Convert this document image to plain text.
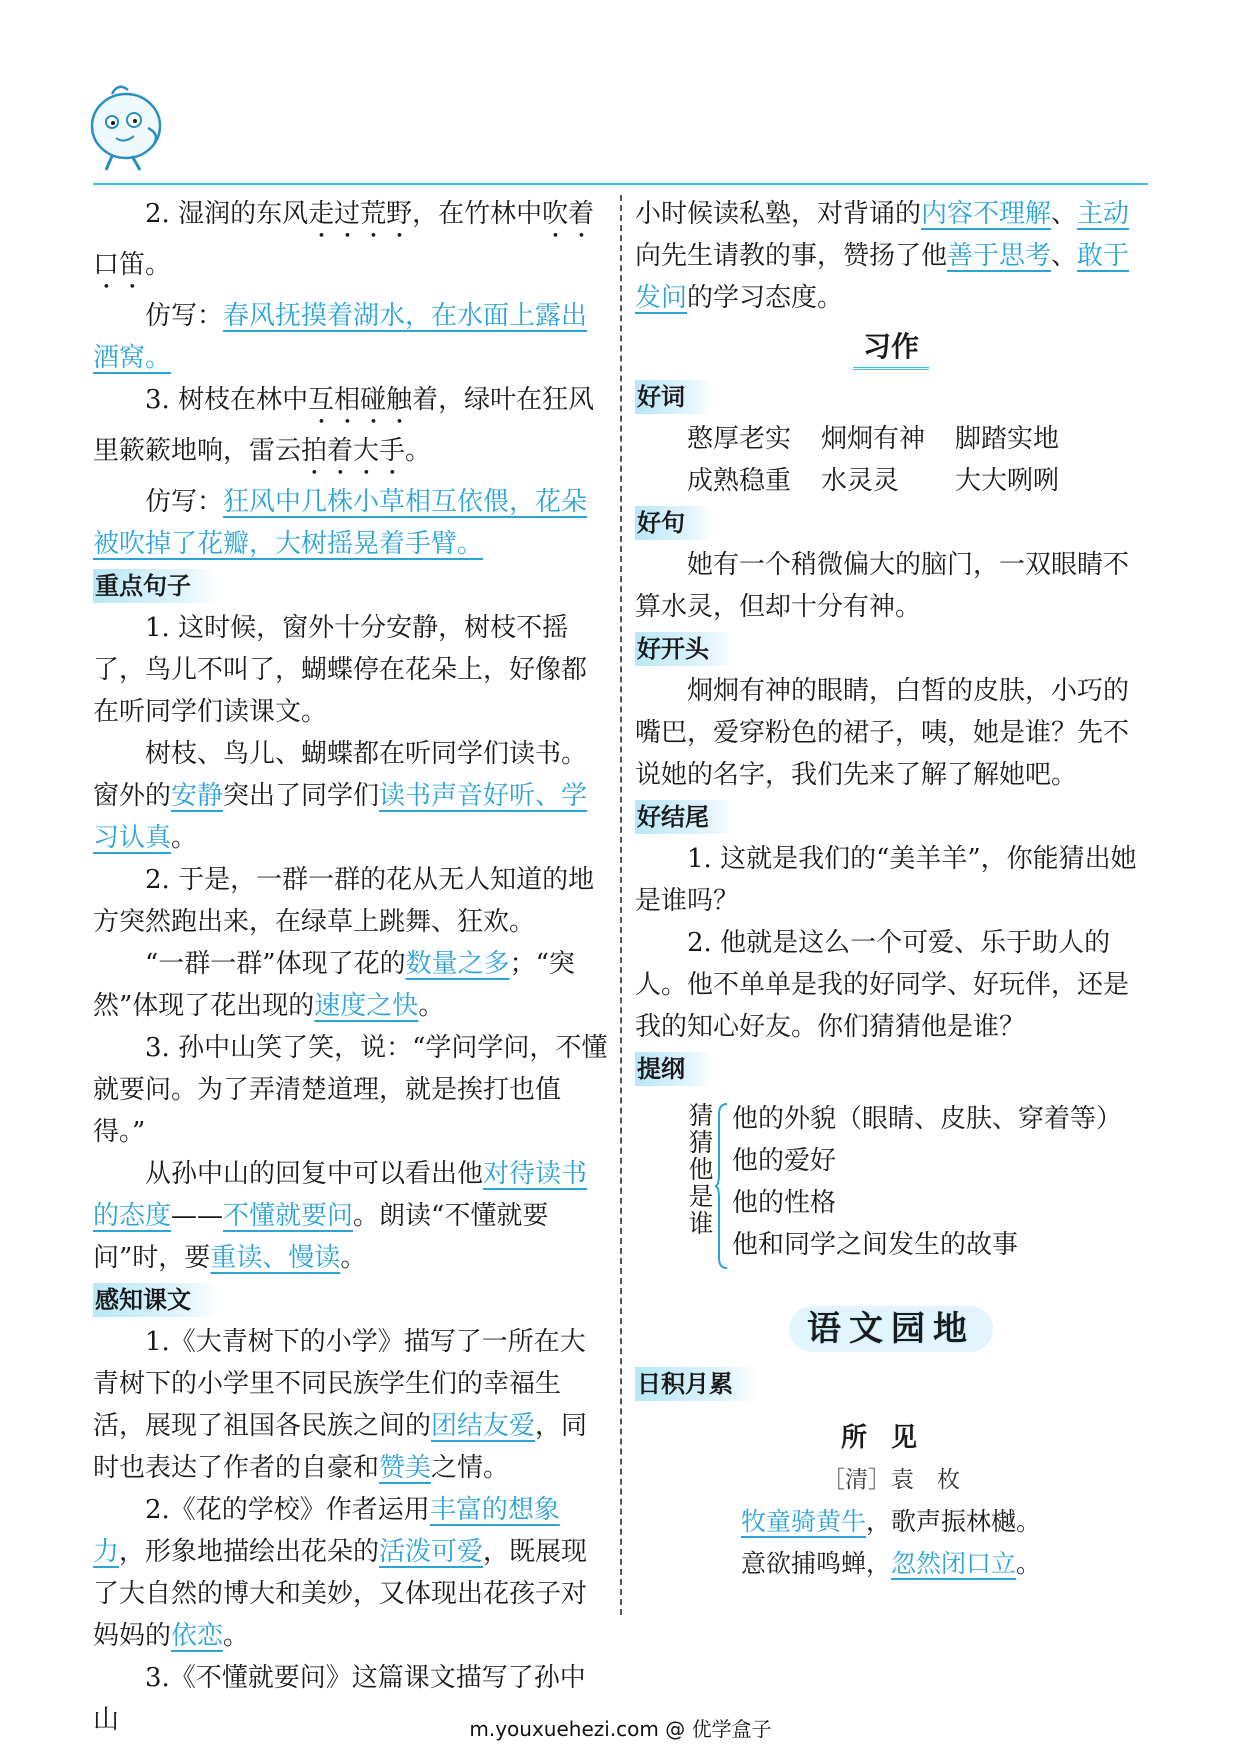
2. 湿润的东风走过荒野，在竹林中吹着口笛。

仿写：春风抚摸着湖水，在水面上露出酒窝。

3. 树枝在林中互相碰触着，绿叶在狂风里簌簌地响，雷云拍着大手。

仿写：狂风中几株小草相互依偎，花朵被吹掉了花瓣，大树摇晃着手臂。

重点句子

1. 这时候，窗外十分安静，树枝不摇了，鸟儿不叫了，蝴蝶停在花朵上，好像都在听同学们读课文。

树枝、鸟儿、蝴蝶都在听同学们读书。窗外的安静突出了同学们读书声音好听、学习认真。

2. 于是，一群一群的花从无人知道的地方突然跑出来，在绿草上跳舞、狂欢。

“一群一群”体现了花的数量之多；“突然”体现了花出现的速度之快。

3. 孙中山笑了笑，说：“学问学问，不懂就要问。为了弄清楚道理，就是挨打也值得。”

从孙中山的回复中可以看出他对待读书的态度——不懂就要问。朗读“不懂就要问”时，要重读、慢读。

感知课文

1.《大青树下的小学》描写了一所在大青树下的小学里不同民族学生们的幸福生活，展现了祖国各民族之间的团结友爱，同时也表达了作者的自豪和赞美之情。

2.《花的学校》作者运用丰富的想象力，形象地描绘出花朵的活泼可爱，既展现了大自然的博大和美妙，又体现出花孩子对妈妈的依恋。

3.《不懂就要问》这篇课文描写了孙中山

小时候读私塾，对背诵的内容不理解、主动向先生请教的事，赞扬了他善于思考、敢于发问的学习态度。

习作
好词
憨厚老实 炯炯有神 脚踏实地
成熟稳重 水灵灵 大大咧咧
好句

她有一个稍微偏大的脑门，一双眼睛不算水灵，但却十分有神。

好开头

炯炯有神的眼睛，白皙的皮肤，小巧的嘴巴，爱穿粉色的裙子，咦，她是谁？先不说她的名字，我们先来了解了解她吧。

好结尾

1. 这就是我们的“美羊羊”，你能猜出她是谁吗？

2. 他就是这么一个可爱、乐于助人的人。他不单单是我的好同学、好玩伴，还是我的知心好友。你们猜猜他是谁？

提纲
猜猜他是谁
他的外貌（眼睛、皮肤、穿着等）
他的爱好
他的性格
他和同学之间发生的故事
语文园地
日积月累
所见
［清］袁　枚
牧童骑黄牛，歌声振林樾。
意欲捕鸣蝉，忽然闭口立。
m.youxuehezi.com @ 优学盒子
